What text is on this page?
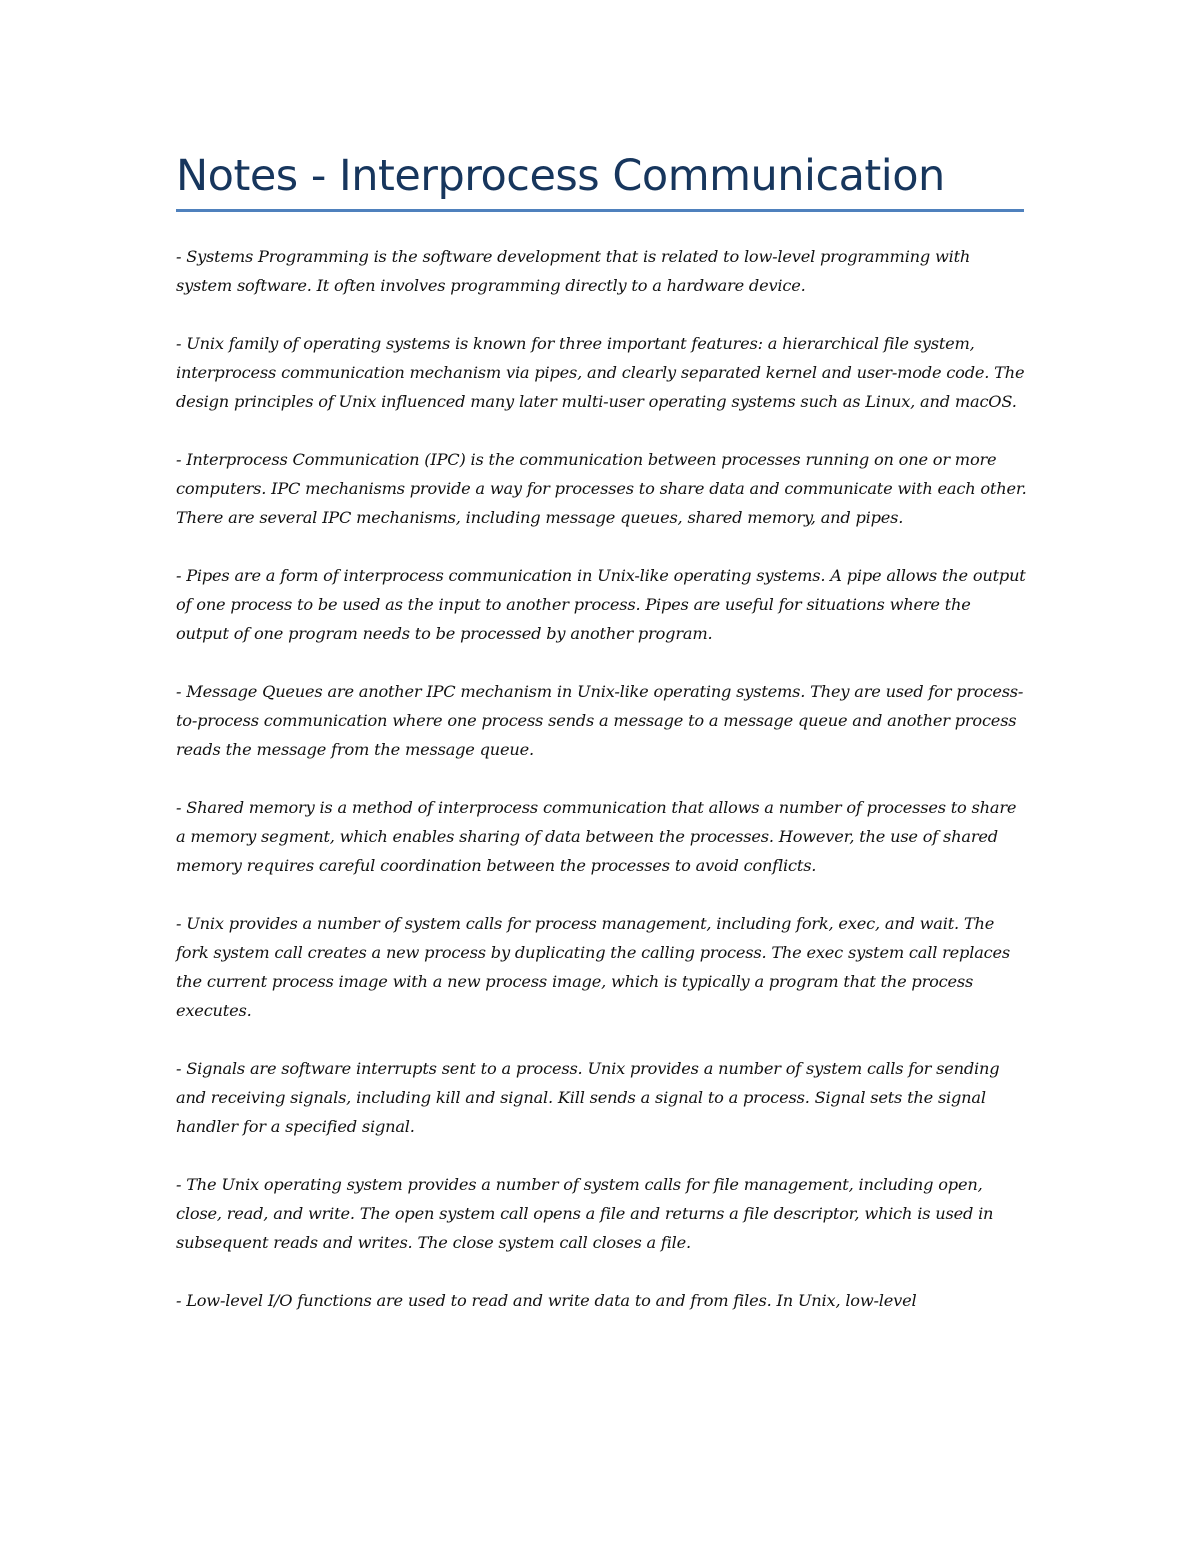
Notes - Interprocess Communication

- Systems Programming is the software development that is related to low-level programming with system software. It often involves programming directly to a hardware device.

- Unix family of operating systems is known for three important features: a hierarchical file system, interprocess communication mechanism via pipes, and clearly separated kernel and user-mode code. The design principles of Unix influenced many later multi-user operating systems such as Linux, and macOS.

- Interprocess Communication (IPC) is the communication between processes running on one or more computers. IPC mechanisms provide a way for processes to share data and communicate with each other. There are several IPC mechanisms, including message queues, shared memory, and pipes.

- Pipes are a form of interprocess communication in Unix-like operating systems. A pipe allows the output of one process to be used as the input to another process. Pipes are useful for situations where the output of one program needs to be processed by another program.

- Message Queues are another IPC mechanism in Unix-like operating systems. They are used for process-to-process communication where one process sends a message to a message queue and another process reads the message from the message queue.

- Shared memory is a method of interprocess communication that allows a number of processes to share a memory segment, which enables sharing of data between the processes. However, the use of shared memory requires careful coordination between the processes to avoid conflicts.

- Unix provides a number of system calls for process management, including fork, exec, and wait. The fork system call creates a new process by duplicating the calling process. The exec system call replaces the current process image with a new process image, which is typically a program that the process executes.

- Signals are software interrupts sent to a process. Unix provides a number of system calls for sending and receiving signals, including kill and signal. Kill sends a signal to a process. Signal sets the signal handler for a specified signal.

- The Unix operating system provides a number of system calls for file management, including open, close, read, and write. The open system call opens a file and returns a file descriptor, which is used in subsequent reads and writes. The close system call closes a file.

- Low-level I/O functions are used to read and write data to and from files. In Unix, low-level
